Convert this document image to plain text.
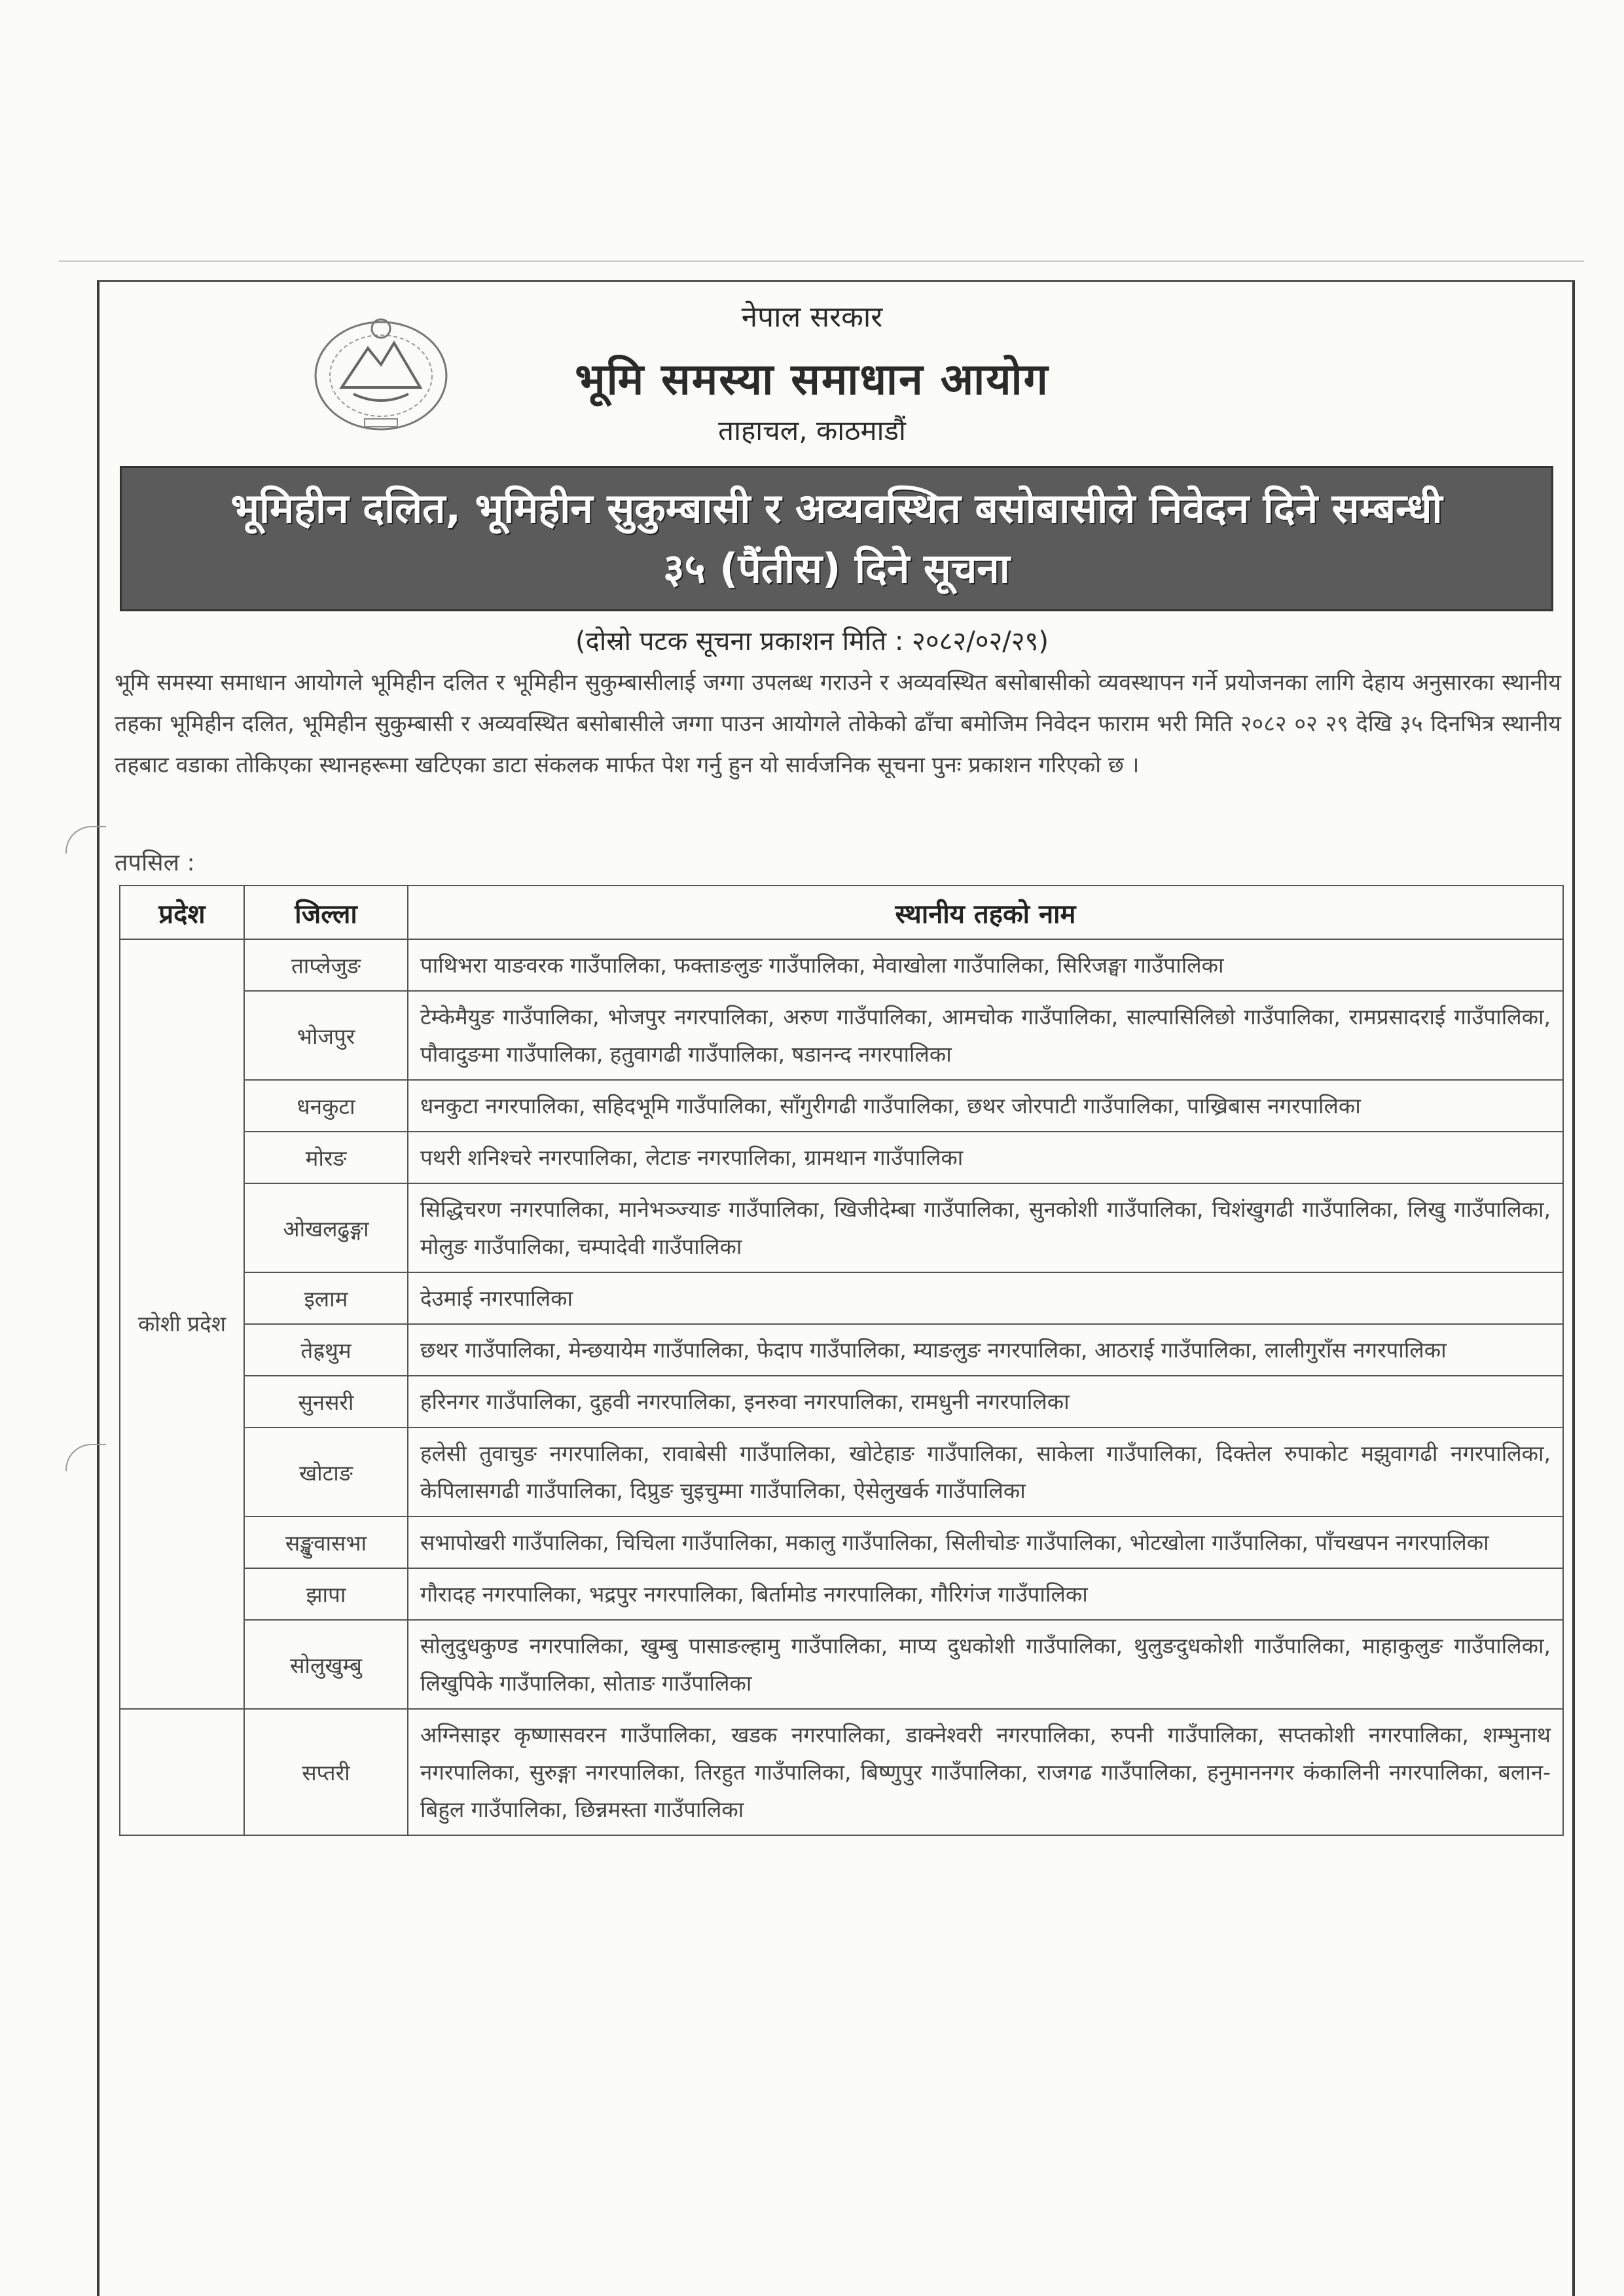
नेपाल सरकार
भूमि समस्या समाधान आयोग
ताहाचल, काठमाडौं
भूमिहीन दलित, भूमिहीन सुकुम्बासी र अव्यवस्थित बसोबासीले निवेदन दिने सम्बन्धी
३५ (पैंतीस) दिने सूचना
(दोस्रो पटक सूचना प्रकाशन मिति : २०८२/०२/२९)
भूमि समस्या समाधान आयोगले भूमिहीन दलित र भूमिहीन सुकुम्बासीलाई जग्गा उपलब्ध गराउने र अव्यवस्थित बसोबासीको व्यवस्थापन गर्ने प्रयोजनका लागि देहाय अनुसारका स्थानीय तहका भूमिहीन दलित, भूमिहीन सुकुम्बासी र अव्यवस्थित बसोबासीले जग्गा पाउन आयोगले तोकेको ढाँचा बमोजिम निवेदन फाराम भरी मिति २०८२ ०२ २९ देखि ३५ दिनभित्र स्थानीय तहबाट वडाका तोकिएका स्थानहरूमा खटिएका डाटा संकलक मार्फत पेश गर्नु हुन यो सार्वजनिक सूचना पुनः प्रकाशन गरिएको छ ।
तपसिल :
प्रदेश	जिल्ला	स्थानीय तहको नाम
कोशी प्रदेश	ताप्लेजुङ	पाथिभरा याङवरक गाउँपालिका, फक्ताङलुङ गाउँपालिका, मेवाखोला गाउँपालिका, सिरिजङ्घा गाउँपालिका
	भोजपुर	टेम्केमैयुङ गाउँपालिका, भोजपुर नगरपालिका, अरुण गाउँपालिका, आमचोक गाउँपालिका, साल्पासिलिछो गाउँपालिका, रामप्रसादराई गाउँपालिका, पौवादुङमा गाउँपालिका, हतुवागढी गाउँपालिका, षडानन्द नगरपालिका
	धनकुटा	धनकुटा नगरपालिका, सहिदभूमि गाउँपालिका, साँगुरीगढी गाउँपालिका, छथर जोरपाटी गाउँपालिका, पाख्रिबास नगरपालिका
	मोरङ	पथरी शनिश्चरे नगरपालिका, लेटाङ नगरपालिका, ग्रामथान गाउँपालिका
	ओखलढुङ्गा	सिद्धिचरण नगरपालिका, मानेभञ्ज्याङ गाउँपालिका, खिजीदेम्बा गाउँपालिका, सुनकोशी गाउँपालिका, चिशंखुगढी गाउँपालिका, लिखु गाउँपालिका, मोलुङ गाउँपालिका, चम्पादेवी गाउँपालिका
	इलाम	देउमाई नगरपालिका
	तेह्रथुम	छथर गाउँपालिका, मेन्छयायेम गाउँपालिका, फेदाप गाउँपालिका, म्याङलुङ नगरपालिका, आठराई गाउँपालिका, लालीगुराँस नगरपालिका
	सुनसरी	हरिनगर गाउँपालिका, दुहवी नगरपालिका, इनरुवा नगरपालिका, रामधुनी नगरपालिका
	खोटाङ	हलेसी तुवाचुङ नगरपालिका, रावाबेसी गाउँपालिका, खोटेहाङ गाउँपालिका, साकेला गाउँपालिका, दिक्तेल रुपाकोट मझुवागढी नगरपालिका, केपिलासगढी गाउँपालिका, दिप्रुङ चुइचुम्मा गाउँपालिका, ऐसेलुखर्क गाउँपालिका
	सङ्खुवासभा	सभापोखरी गाउँपालिका, चिचिला गाउँपालिका, मकालु गाउँपालिका, सिलीचोङ गाउँपालिका, भोटखोला गाउँपालिका, पाँचखपन नगरपालिका
	झापा	गौरादह नगरपालिका, भद्रपुर नगरपालिका, बिर्तामोड नगरपालिका, गौरिगंज गाउँपालिका
	सोलुखुम्बु	सोलुदुधकुण्ड नगरपालिका, खुम्बु पासाङल्हामु गाउँपालिका, माप्य दुधकोशी गाउँपालिका, थुलुङदुधकोशी गाउँपालिका, माहाकुलुङ गाउँपालिका, लिखुपिके गाउँपालिका, सोताङ गाउँपालिका
	सप्तरी	अग्निसाइर कृष्णासवरन गाउँपालिका, खडक नगरपालिका, डाक्नेश्वरी नगरपालिका, रुपनी गाउँपालिका, सप्तकोशी नगरपालिका, शम्भुनाथ नगरपालिका, सुरुङ्गा नगरपालिका, तिरहुत गाउँपालिका, बिष्णुपुर गाउँपालिका, राजगढ गाउँपालिका, हनुमाननगर कंकालिनी नगरपालिका, बलान-बिहुल गाउँपालिका, छिन्नमस्ता गाउँपालिका
